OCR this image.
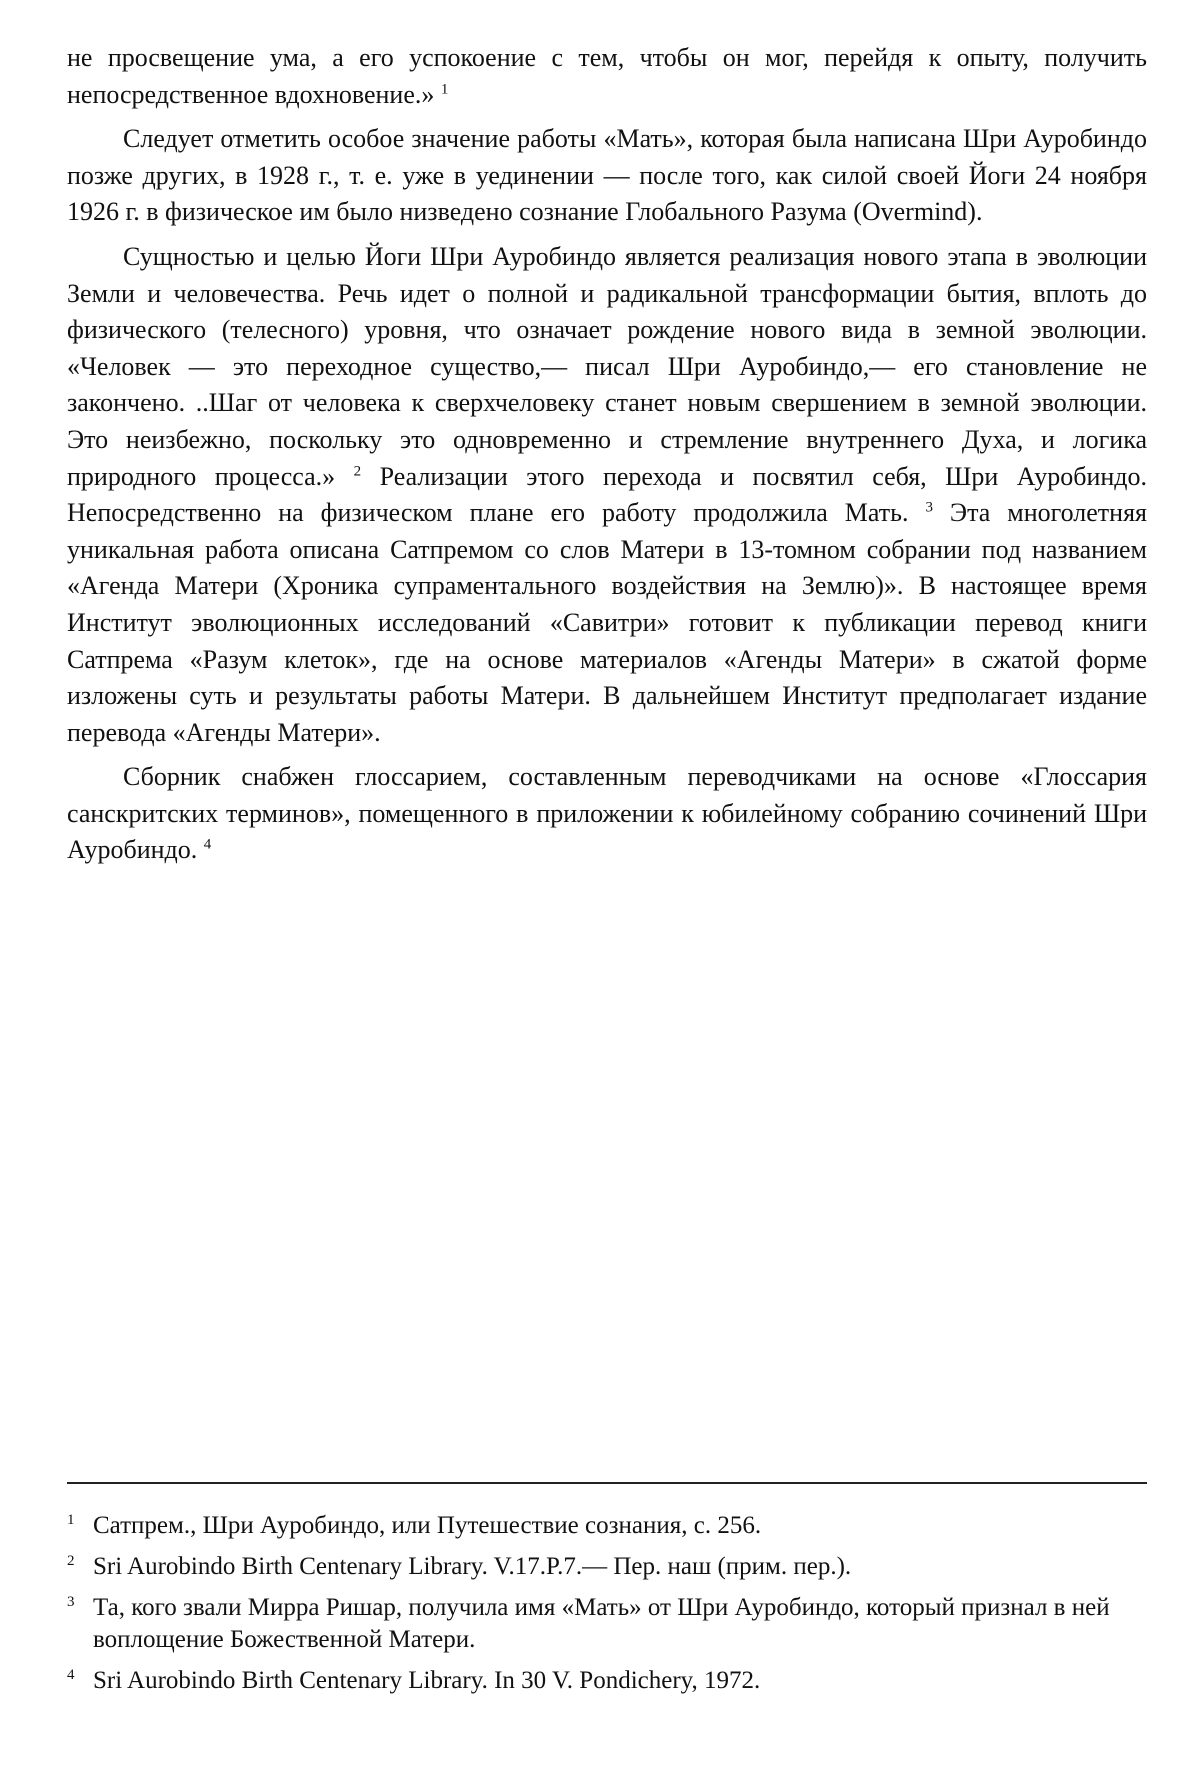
не просвещение ума, а его успокоение с тем, чтобы он мог, перейдя к опыту, получить непосредственное вдохновение.» $^1$

Следует отметить особое значение работы «Мать», которая была написана Шри Ауробиндо позже других, в 1928 г., т. е. уже в уединении — после того, как силой своей Йоги 24 ноября 1926 г. в физическое им было низведено сознание Глобального Разума (Overmind).

Сущностью и целью Йоги Шри Ауробиндо является реализация нового этапа в эволюции Земли и человечества. Речь идет о полной и радикальной трансформации бытия, вплоть до физического (телесного) уровня, что означает рождение нового вида в земной эволюции. «Человек — это переходное существо,— писал Шри Ауробиндо,— его становление не закончено. ..Шаг от человека к сверхчеловеку станет новым свершением в земной эволюции. Это неизбежно, поскольку это одновременно и стремление внутреннего Духа, и логика природного процесса.» $^2$ Реализации этого перехода и посвятил себя, Шри Ауробиндо. Непосредственно на физическом плане его работу продолжила Мать. $^3$ Эта многолетняя уникальная работа описана Сатпремом со слов Матери в 13-томном собрании под названием «Агенда Матери (Хроника супраментального воздействия на Землю)». В настоящее время Институт эволюционных исследований «Савитри» готовит к публикации перевод книги Сатпрема «Разум клеток», где на основе материалов «Агенды Матери» в сжатой форме изложены суть и результаты работы Матери. В дальнейшем Институт предполагает издание перевода «Агенды Матери».

Сборник снабжен глоссарием, составленным переводчиками на основе «Глоссария санскритских терминов», помещенного в приложении к юбилейному собранию сочинений Шри Ауробиндо. $^4$

1 Сатпрем., Шри Ауробиндо, или Путешествие сознания, с. 256.

2 Sri Aurobindo Birth Centenary Library. V.17.P.7.— Пер. наш (прим. пер.).

3 Та, кого звали Мирра Ришар, получила имя «Мать» от Шри Ауробиндо, который признал в ней воплощение Божественной Матери.

4 Sri Aurobindo Birth Centenary Library. In 30 V. Pondichery, 1972.
